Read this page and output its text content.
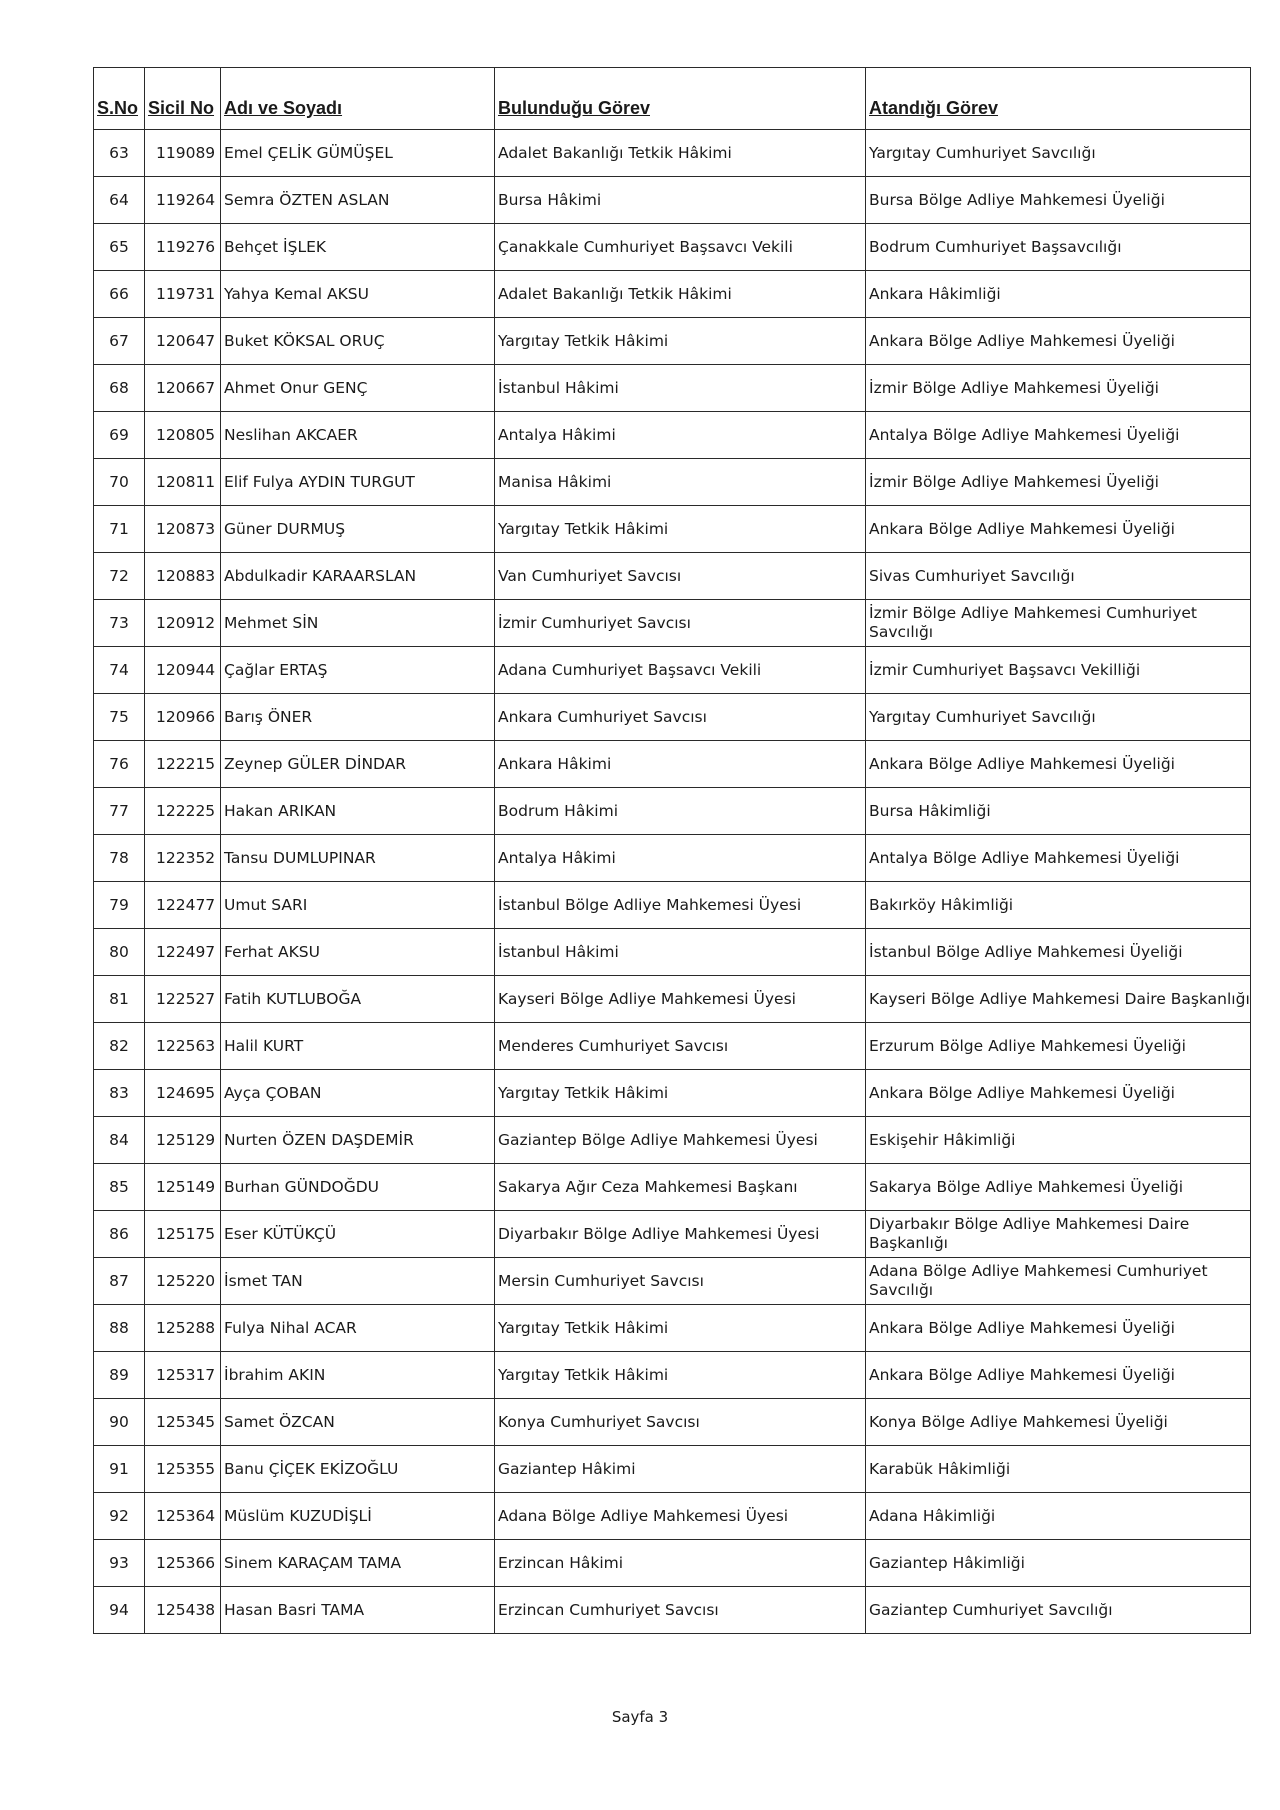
S.No	Sicil No	Adı ve Soyadı	Bulunduğu Görev	Atandığı Görev
63	119089	Emel ÇELİK GÜMÜŞEL	Adalet Bakanlığı Tetkik Hâkimi	Yargıtay Cumhuriyet Savcılığı
64	119264	Semra ÖZTEN ASLAN	Bursa Hâkimi	Bursa Bölge Adliye Mahkemesi Üyeliği
65	119276	Behçet İŞLEK	Çanakkale Cumhuriyet Başsavcı Vekili	Bodrum Cumhuriyet Başsavcılığı
66	119731	Yahya Kemal AKSU	Adalet Bakanlığı Tetkik Hâkimi	Ankara Hâkimliği
67	120647	Buket KÖKSAL ORUÇ	Yargıtay Tetkik Hâkimi	Ankara Bölge Adliye Mahkemesi Üyeliği
68	120667	Ahmet Onur GENÇ	İstanbul Hâkimi	İzmir Bölge Adliye Mahkemesi Üyeliği
69	120805	Neslihan AKCAER	Antalya Hâkimi	Antalya Bölge Adliye Mahkemesi Üyeliği
70	120811	Elif Fulya AYDIN TURGUT	Manisa Hâkimi	İzmir Bölge Adliye Mahkemesi Üyeliği
71	120873	Güner DURMUŞ	Yargıtay Tetkik Hâkimi	Ankara Bölge Adliye Mahkemesi Üyeliği
72	120883	Abdulkadir KARAARSLAN	Van Cumhuriyet Savcısı	Sivas Cumhuriyet Savcılığı
73	120912	Mehmet SİN	İzmir Cumhuriyet Savcısı	İzmir Bölge Adliye Mahkemesi Cumhuriyet Savcılığı
74	120944	Çağlar ERTAŞ	Adana Cumhuriyet Başsavcı Vekili	İzmir Cumhuriyet Başsavcı Vekilliği
75	120966	Barış ÖNER	Ankara Cumhuriyet Savcısı	Yargıtay Cumhuriyet Savcılığı
76	122215	Zeynep GÜLER DİNDAR	Ankara Hâkimi	Ankara Bölge Adliye Mahkemesi Üyeliği
77	122225	Hakan ARIKAN	Bodrum Hâkimi	Bursa Hâkimliği
78	122352	Tansu DUMLUPINAR	Antalya Hâkimi	Antalya Bölge Adliye Mahkemesi Üyeliği
79	122477	Umut SARI	İstanbul Bölge Adliye Mahkemesi Üyesi	Bakırköy Hâkimliği
80	122497	Ferhat AKSU	İstanbul Hâkimi	İstanbul Bölge Adliye Mahkemesi Üyeliği
81	122527	Fatih KUTLUBOĞA	Kayseri Bölge Adliye Mahkemesi Üyesi	Kayseri Bölge Adliye Mahkemesi Daire Başkanlığı
82	122563	Halil KURT	Menderes Cumhuriyet Savcısı	Erzurum Bölge Adliye Mahkemesi Üyeliği
83	124695	Ayça ÇOBAN	Yargıtay Tetkik Hâkimi	Ankara Bölge Adliye Mahkemesi Üyeliği
84	125129	Nurten ÖZEN DAŞDEMİR	Gaziantep Bölge Adliye Mahkemesi Üyesi	Eskişehir Hâkimliği
85	125149	Burhan GÜNDOĞDU	Sakarya Ağır Ceza Mahkemesi Başkanı	Sakarya Bölge Adliye Mahkemesi Üyeliği
86	125175	Eser KÜTÜKÇÜ	Diyarbakır Bölge Adliye Mahkemesi Üyesi	Diyarbakır Bölge Adliye Mahkemesi Daire Başkanlığı
87	125220	İsmet TAN	Mersin Cumhuriyet Savcısı	Adana Bölge Adliye Mahkemesi Cumhuriyet Savcılığı
88	125288	Fulya Nihal ACAR	Yargıtay Tetkik Hâkimi	Ankara Bölge Adliye Mahkemesi Üyeliği
89	125317	İbrahim AKIN	Yargıtay Tetkik Hâkimi	Ankara Bölge Adliye Mahkemesi Üyeliği
90	125345	Samet ÖZCAN	Konya Cumhuriyet Savcısı	Konya Bölge Adliye Mahkemesi Üyeliği
91	125355	Banu ÇİÇEK EKİZOĞLU	Gaziantep Hâkimi	Karabük Hâkimliği
92	125364	Müslüm KUZUDİŞLİ	Adana Bölge Adliye Mahkemesi Üyesi	Adana Hâkimliği
93	125366	Sinem KARAÇAM TAMA	Erzincan Hâkimi	Gaziantep Hâkimliği
94	125438	Hasan Basri TAMA	Erzincan Cumhuriyet Savcısı	Gaziantep Cumhuriyet Savcılığı
Sayfa 3
